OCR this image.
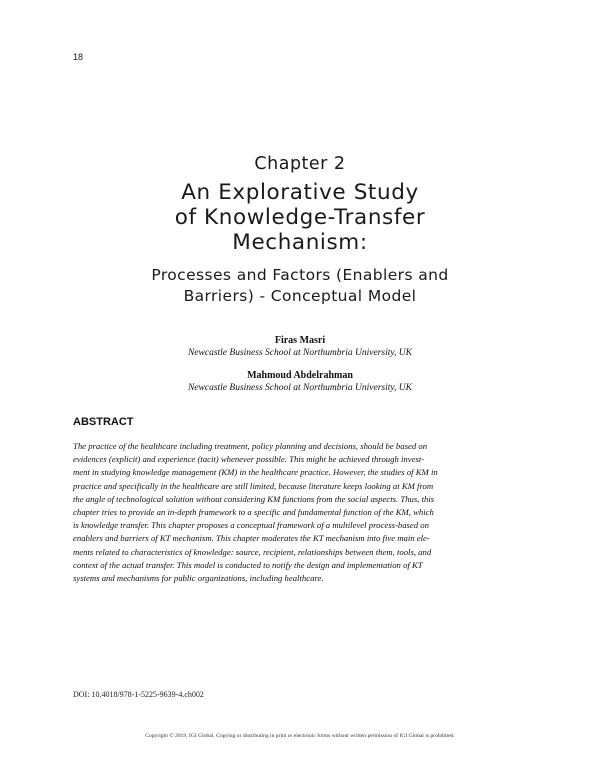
18
Chapter 2
An Explorative Study
of Knowledge-Transfer
Mechanism:
Processes and Factors (Enablers and
Barriers) - Conceptual Model
Firas Masri
Newcastle Business School at Northumbria University, UK
Mahmoud Abdelrahman
Newcastle Business School at Northumbria University, UK
ABSTRACT

The practice of the healthcare including treatment, policy planning and decisions, should be based on
evidences (explicit) and experience (tacit) whenever possible. This might be achieved through invest-
ment in studying knowledge management (KM) in the healthcare practice. However, the studies of KM in
practice and specifically in the healthcare are still limited, because literature keeps looking at KM from
the angle of technological solution without considering KM functions from the social aspects. Thus, this
chapter tries to provide an in-depth framework to a specific and fundamental function of the KM, which
is knowledge transfer. This chapter proposes a conceptual framework of a multilevel process-based on
enablers and barriers of KT mechanism. This chapter moderates the KT mechanism into five main ele-
ments related to characteristics of knowledge: source, recipient, relationships between them, tools, and
context of the actual transfer. This model is conducted to notify the design and implementation of KT
systems and mechanisms for public organizations, including healthcare.

DOI: 10.4018/978-1-5225-9639-4.ch002
Copyright © 2019, IGI Global. Copying or distributing in print or electronic forms without written permission of IGI Global is prohibited.
